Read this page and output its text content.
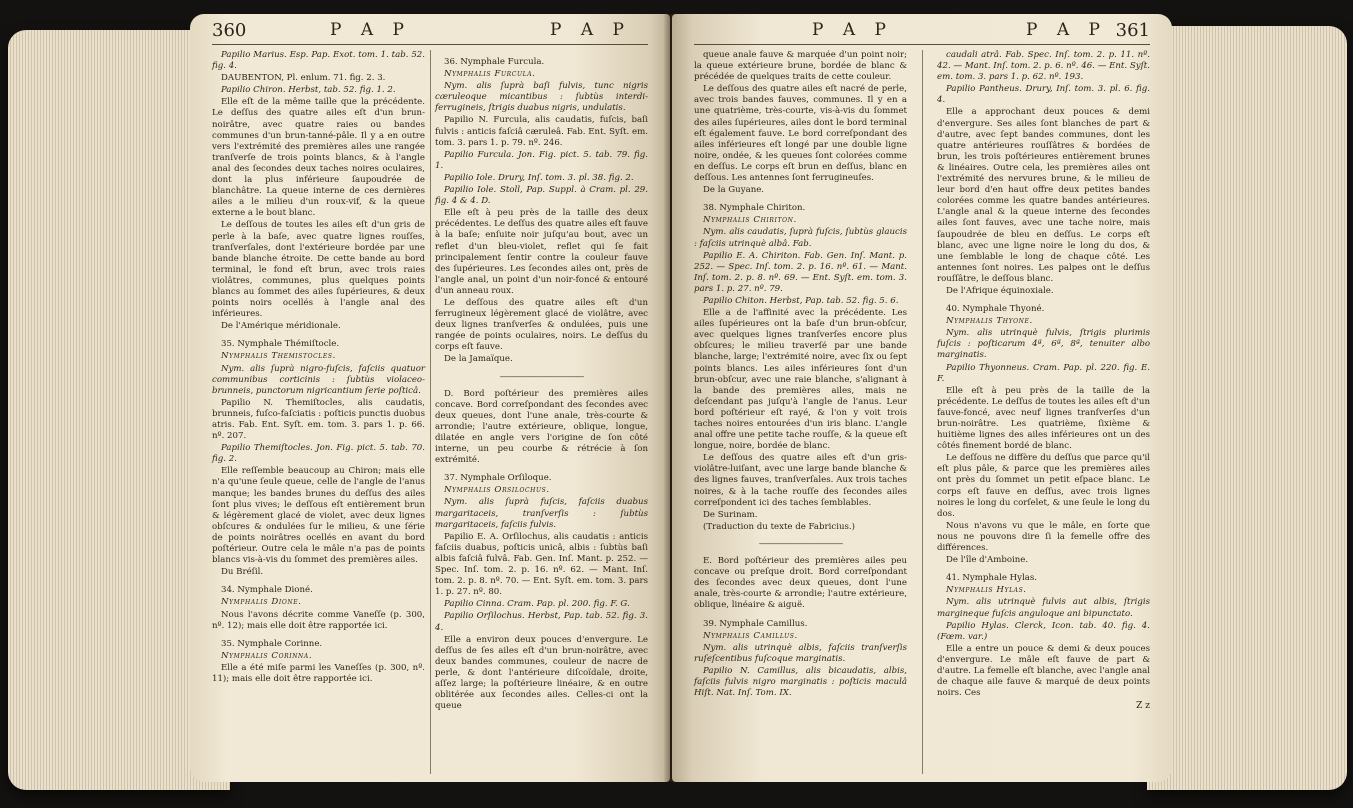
360	P A P	P A P

Papilio Marius. Esp. Pap. Exot. tom. 1. tab. 52. fig. 4.

DAUBENTON, Pl. enlum. 71. fig. 2. 3.

Papilio Chiron. Herbst, tab. 52. fig. 1. 2.

Elle eſt de la même taille que la précédente. Le deſſus des quatre ailes eſt d'un brun-noirâtre, avec quatre raies ou bandes communes d'un brun-tanné-pâle. Il y a en outre vers l'extrémité des premières ailes une rangée tranſverſe de trois points blancs, & à l'angle anal des ſecondes deux taches noires oculaires, dont la plus inférieure ſaupoudrée de blanchâtre. La queue interne de ces dernières ailes a le milieu d'un roux-vif, & la queue externe a le bout blanc.

Le deſſous de toutes les ailes eſt d'un gris de perle à la baſe, avec quatre lignes rouſſes, tranſverſales, dont l'extérieure bordée par une bande blanche étroite. De cette bande au bord terminal, le fond eſt brun, avec trois raies violâtres, communes, plus quelques points blancs au ſommet des ailes ſupérieures, & deux points noirs ocellés à l'angle anal des inférieures.

De l'Amérique méridionale.

35. Nymphale Thémiſtocle.

Nymphalis Themiſtocles.

Nym. alis ſuprà nigro-fuſcis, faſciis quatuor communibus corticinis : ſubtùs violaceo-brunneis, punctorum nigricantium ſerie poſticâ.

Papilio N. Themiſtocles, alis caudatis, brunneis, fuſco-faſciatis : poſticis punctis duobus atris. Fab. Ent. Syſt. em. tom. 3. pars 1. p. 66. nº. 207.

Papilio Themiſtocles. Jon. Fig. pict. 5. tab. 70. fig. 2.

Elle reſſemble beaucoup au Chiron; mais elle n'a qu'une ſeule queue, celle de l'angle de l'anus manque; les bandes brunes du deſſus des ailes ſont plus vives; le deſſous eſt entièrement brun & légèrement glacé de violet, avec deux lignes obſcures & ondulées ſur le milieu, & une ſérie de points noirâtres ocellés en avant du bord poſtérieur. Outre cela le mâle n'a pas de points blancs vis-à-vis du ſommet des premières ailes.

Du Bréſil.

34. Nymphale Dioné.

Nymphalis Dione.

Nous l'avons décrite comme Vaneſſe (p. 300, nº. 12); mais elle doit être rapportée ici.

35. Nymphale Corinne.

Nymphalis Corinna.

Elle a été miſe parmi les Vaneſſes (p. 300, nº. 11); mais elle doit être rapportée ici.

36. Nymphale Furcula.

Nymphalis Furcula.

Nym. alis ſuprà baſi fulvis, tunc nigris cæruleoque micantibus : ſubtùs interdi-ferrugineis, ſtrigis duabus nigris, undulatis.

Papilio N. Furcula, alis caudatis, fuſcis, baſi fulvis : anticis faſciâ cæruleâ. Fab. Ent. Syſt. em. tom. 3. pars 1. p. 79. nº. 246.

Papilio Furcula. Jon. Fig. pict. 5. tab. 79. fig. 1.

Papilio Iole. Drury, Inſ. tom. 3. pl. 38. fig. 2.

Papilio Iole. Stoll, Pap. Suppl. à Cram. pl. 29. fig. 4 & 4. D.

Elle eſt à peu près de la taille des deux précédentes. Le deſſus des quatre ailes eſt fauve à la baſe; enſuite noir juſqu'au bout, avec un reflet d'un bleu-violet, reflet qui ſe fait principalement ſentir contre la couleur fauve des ſupérieures. Les ſecondes ailes ont, près de l'angle anal, un point d'un noir-foncé & entouré d'un anneau roux.

Le deſſous des quatre ailes eſt d'un ferrugineux légèrement glacé de violâtre, avec deux lignes tranſverſes & ondulées, puis une rangée de points oculaires, noirs. Le deſſus du corps eſt fauve.

De la Jamaïque.

———————————

D. Bord poſtérieur des premières ailes concave. Bord correſpondant des ſecondes avec deux queues, dont l'une anale, très-courte & arrondie; l'autre extérieure, oblique, longue, dilatée en angle vers l'origine de ſon côté interne, un peu courbe & rétrécie à ſon extrémité.

37. Nymphale Orſiloque.

Nymphalis Orſilochus.

Nym. alis ſuprà fuſcis, faſciis duabus margaritaceis, tranſverſis : ſubtùs margaritaceis, faſciis fulvis.

Papilio E. A. Orſilochus, alis caudatis : anticis faſciis duabus, poſticis unicâ, albis : ſubtùs baſi albis faſciâ fulvâ. Fab. Gen. Inſ. Mant. p. 252. — Spec. Inſ. tom. 2. p. 16. nº. 62. — Mant. Inſ. tom. 2. p. 8. nº. 70. — Ent. Syſt. em. tom. 3. pars 1. p. 27. nº. 80.

Papilio Cinna. Cram. Pap. pl. 200. fig. F. G.

Papilio Orſilochus. Herbst, Pap. tab. 52. fig. 3. 4.

Elle a environ deux pouces d'envergure. Le deſſus de ſes ailes eſt d'un brun-noirâtre, avec deux bandes communes, couleur de nacre de perle, & dont l'antérieure diſcoïdale, droite, aſſez large; la poſtérieure linéaire, & en outre oblitérée aux ſecondes ailes. Celles-ci ont la queue

P A P	P A P 361

queue anale fauve & marquée d'un point noir; la queue extérieure brune, bordée de blanc & précédée de quelques traits de cette couleur.

Le deſſous des quatre ailes eſt nacré de perle, avec trois bandes fauves, communes. Il y en a une quatrième, très-courte, vis-à-vis du ſommet des ailes ſupérieures, ailes dont le bord terminal eſt également fauve. Le bord correſpondant des ailes inférieures eſt longé par une double ligne noire, ondée, & les queues ſont colorées comme en deſſus. Le corps eſt brun en deſſus, blanc en deſſous. Les antennes ſont ferrugineuſes.

De la Guyane.

38. Nymphale Chiriton.

Nymphalis Chiriton.

Nym. alis caudatis, ſuprà fuſcis, ſubtùs glaucis : faſciis utrinquè albâ. Fab.

Papilio E. A. Chiriton. Fab. Gen. Inſ. Mant. p. 252. — Spec. Inſ. tom. 2. p. 16. nº. 61. — Mant. Inſ. tom. 2. p. 8. nº. 69. — Ent. Syſt. em. tom. 3. pars 1. p. 27. nº. 79.

Papilio Chiton. Herbst, Pap. tab. 52. fig. 5. 6.

Elle a de l'affinité avec la précédente. Les ailes ſupérieures ont la baſe d'un brun-obſcur, avec quelques lignes tranſverſes encore plus obſcures; le milieu traverſé par une bande blanche, large; l'extrémité noire, avec ſix ou ſept points blancs. Les ailes inférieures ſont d'un brun-obſcur, avec une raie blanche, s'alignant à la bande des premières ailes, mais ne deſcendant pas juſqu'à l'angle de l'anus. Leur bord poſtérieur eſt rayé, & l'on y voit trois taches noires entourées d'un iris blanc. L'angle anal offre une petite tache rouſſe, & la queue eſt longue, noire, bordée de blanc.

Le deſſous des quatre ailes eſt d'un gris-violâtre-luiſant, avec une large bande blanche & des lignes fauves, tranſverſales. Aux trois taches noires, & à la tache rouſſe des ſecondes ailes correſpondent ici des taches ſemblables.

De Surinam.

(Traduction du texte de Fabricius.)

———————————

E. Bord poſtérieur des premières ailes peu concave ou preſque droit. Bord correſpondant des ſecondes avec deux queues, dont l'une anale, très-courte & arrondie; l'autre extérieure, oblique, linéaire & aiguë.

39. Nymphale Camillus.

Nymphalis Camillus.

Nym. alis utrinquè albis, faſciis tranſverſis ruſeſcentibus fuſcoque marginatis.

Papilio N. Camillus, alis bicaudatis, albis, faſciis fulvis nigro marginatis : poſticis maculâ Hiſt. Nat. Inſ. Tom. IX.

caudali atrâ. Fab. Spec. Inſ. tom. 2. p. 11. nº. 42. — Mant. Inſ. tom. 2. p. 6. nº. 46. — Ent. Syſt. em. tom. 3. pars 1. p. 62. nº. 193.

Papilio Pantheus. Drury, Inſ. tom. 3. pl. 6. fig. 4.

Elle a approchant deux pouces & demi d'envergure. Ses ailes ſont blanches de part & d'autre, avec ſept bandes communes, dont les quatre antérieures rouſſâtres & bordées de brun, les trois poſtérieures entièrement brunes & linéaires. Outre cela, les premières ailes ont l'extrémité des nervures brune, & le milieu de leur bord d'en haut offre deux petites bandes colorées comme les quatre bandes antérieures. L'angle anal & la queue interne des ſecondes ailes ſont fauves, avec une tache noire, mais ſaupoudrée de bleu en deſſus. Le corps eſt blanc, avec une ligne noire le long du dos, & une ſemblable le long de chaque côté. Les antennes ſont noires. Les palpes ont le deſſus rouſſâtre, le deſſous blanc.

De l'Afrique équinoxiale.

40. Nymphale Thyoné.

Nymphalis Thyone.

Nym. alis utrinquè fulvis, ſtrigis plurimis fuſcis : poſticarum 4ª, 6ª, 8ª, tenuiter albo marginatis.

Papilio Thyonneus. Cram. Pap. pl. 220. fig. E. F.

Elle eſt à peu près de la taille de la précédente. Le deſſus de toutes les ailes eſt d'un fauve-foncé, avec neuf lignes tranſverſes d'un brun-noirâtre. Les quatrième, ſixième & huitième lignes des ailes inférieures ont un des côtés finement bordé de blanc.

Le deſſous ne diffère du deſſus que parce qu'il eſt plus pâle, & parce que les premières ailes ont près du ſommet un petit eſpace blanc. Le corps eſt fauve en deſſus, avec trois lignes noires le long du corſelet, & une ſeule le long du dos.

Nous n'avons vu que le mâle, en ſorte que nous ne pouvons dire ſi la femelle offre des différences.

De l'île d'Amboine.

41. Nymphale Hylas.

Nymphalis Hylas.

Nym. alis utrinquè fulvis aut albis, ſtrigis margineque fuſcis anguloque ani bipunctato.

Papilio Hylas. Clerck, Icon. tab. 40. fig. 4. (Fœm. var.)

Elle a entre un pouce & demi & deux pouces d'envergure. Le mâle eſt fauve de part & d'autre. La femelle eſt blanche, avec l'angle anal de chaque aile fauve & marqué de deux points noirs. Ces

Z z
